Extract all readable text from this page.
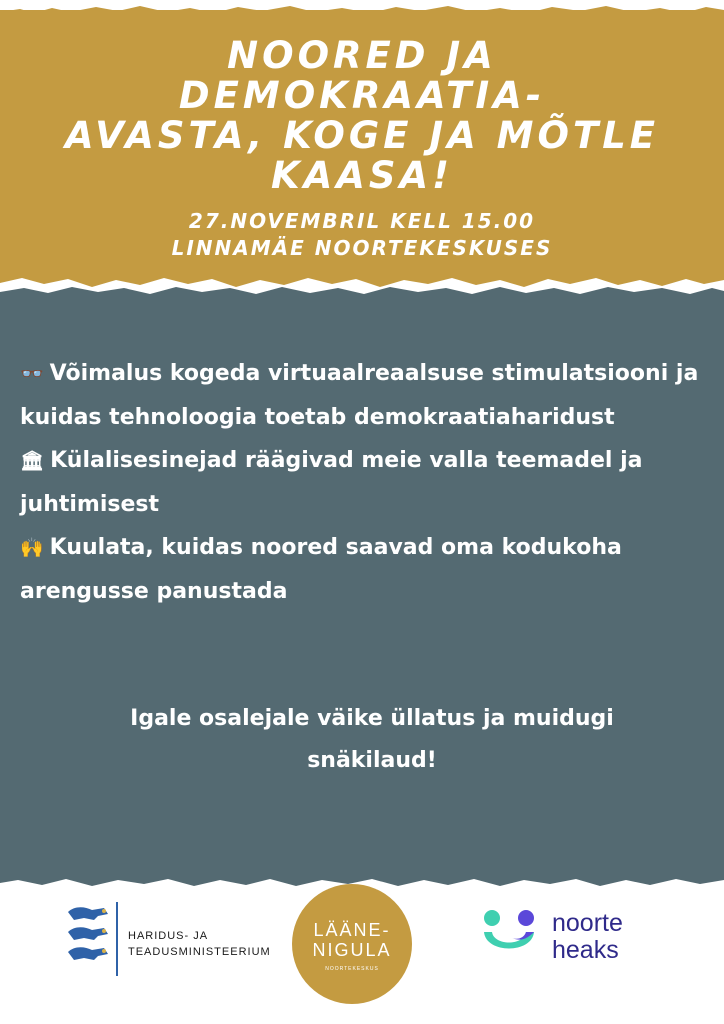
NOORED JA
DEMOKRAATIA-
AVASTA, KOGE JA MÕTLE
KAASA!
27.NOVEMBRIL KELL 15.00
LINNAMÄE NOORTEKESKUSES
👓 Võimalus kogeda virtuaalreaalsuse stimulatsiooni ja kuidas tehnoloogia toetab demokraatiaharidust
🏛 Külalisesinejad räägivad meie valla teemadel ja juhtimisest
🙌 Kuulata, kuidas noored saavad oma kodukoha arengusse panustada
Igale osalejale väike üllatus ja muidugi
snäkilaud!
HARIDUS- JA
TEADUSMINISTEERIUM
LÄÄNE-
NIGULA
NOORTEKESKUS
noorte
heaks
